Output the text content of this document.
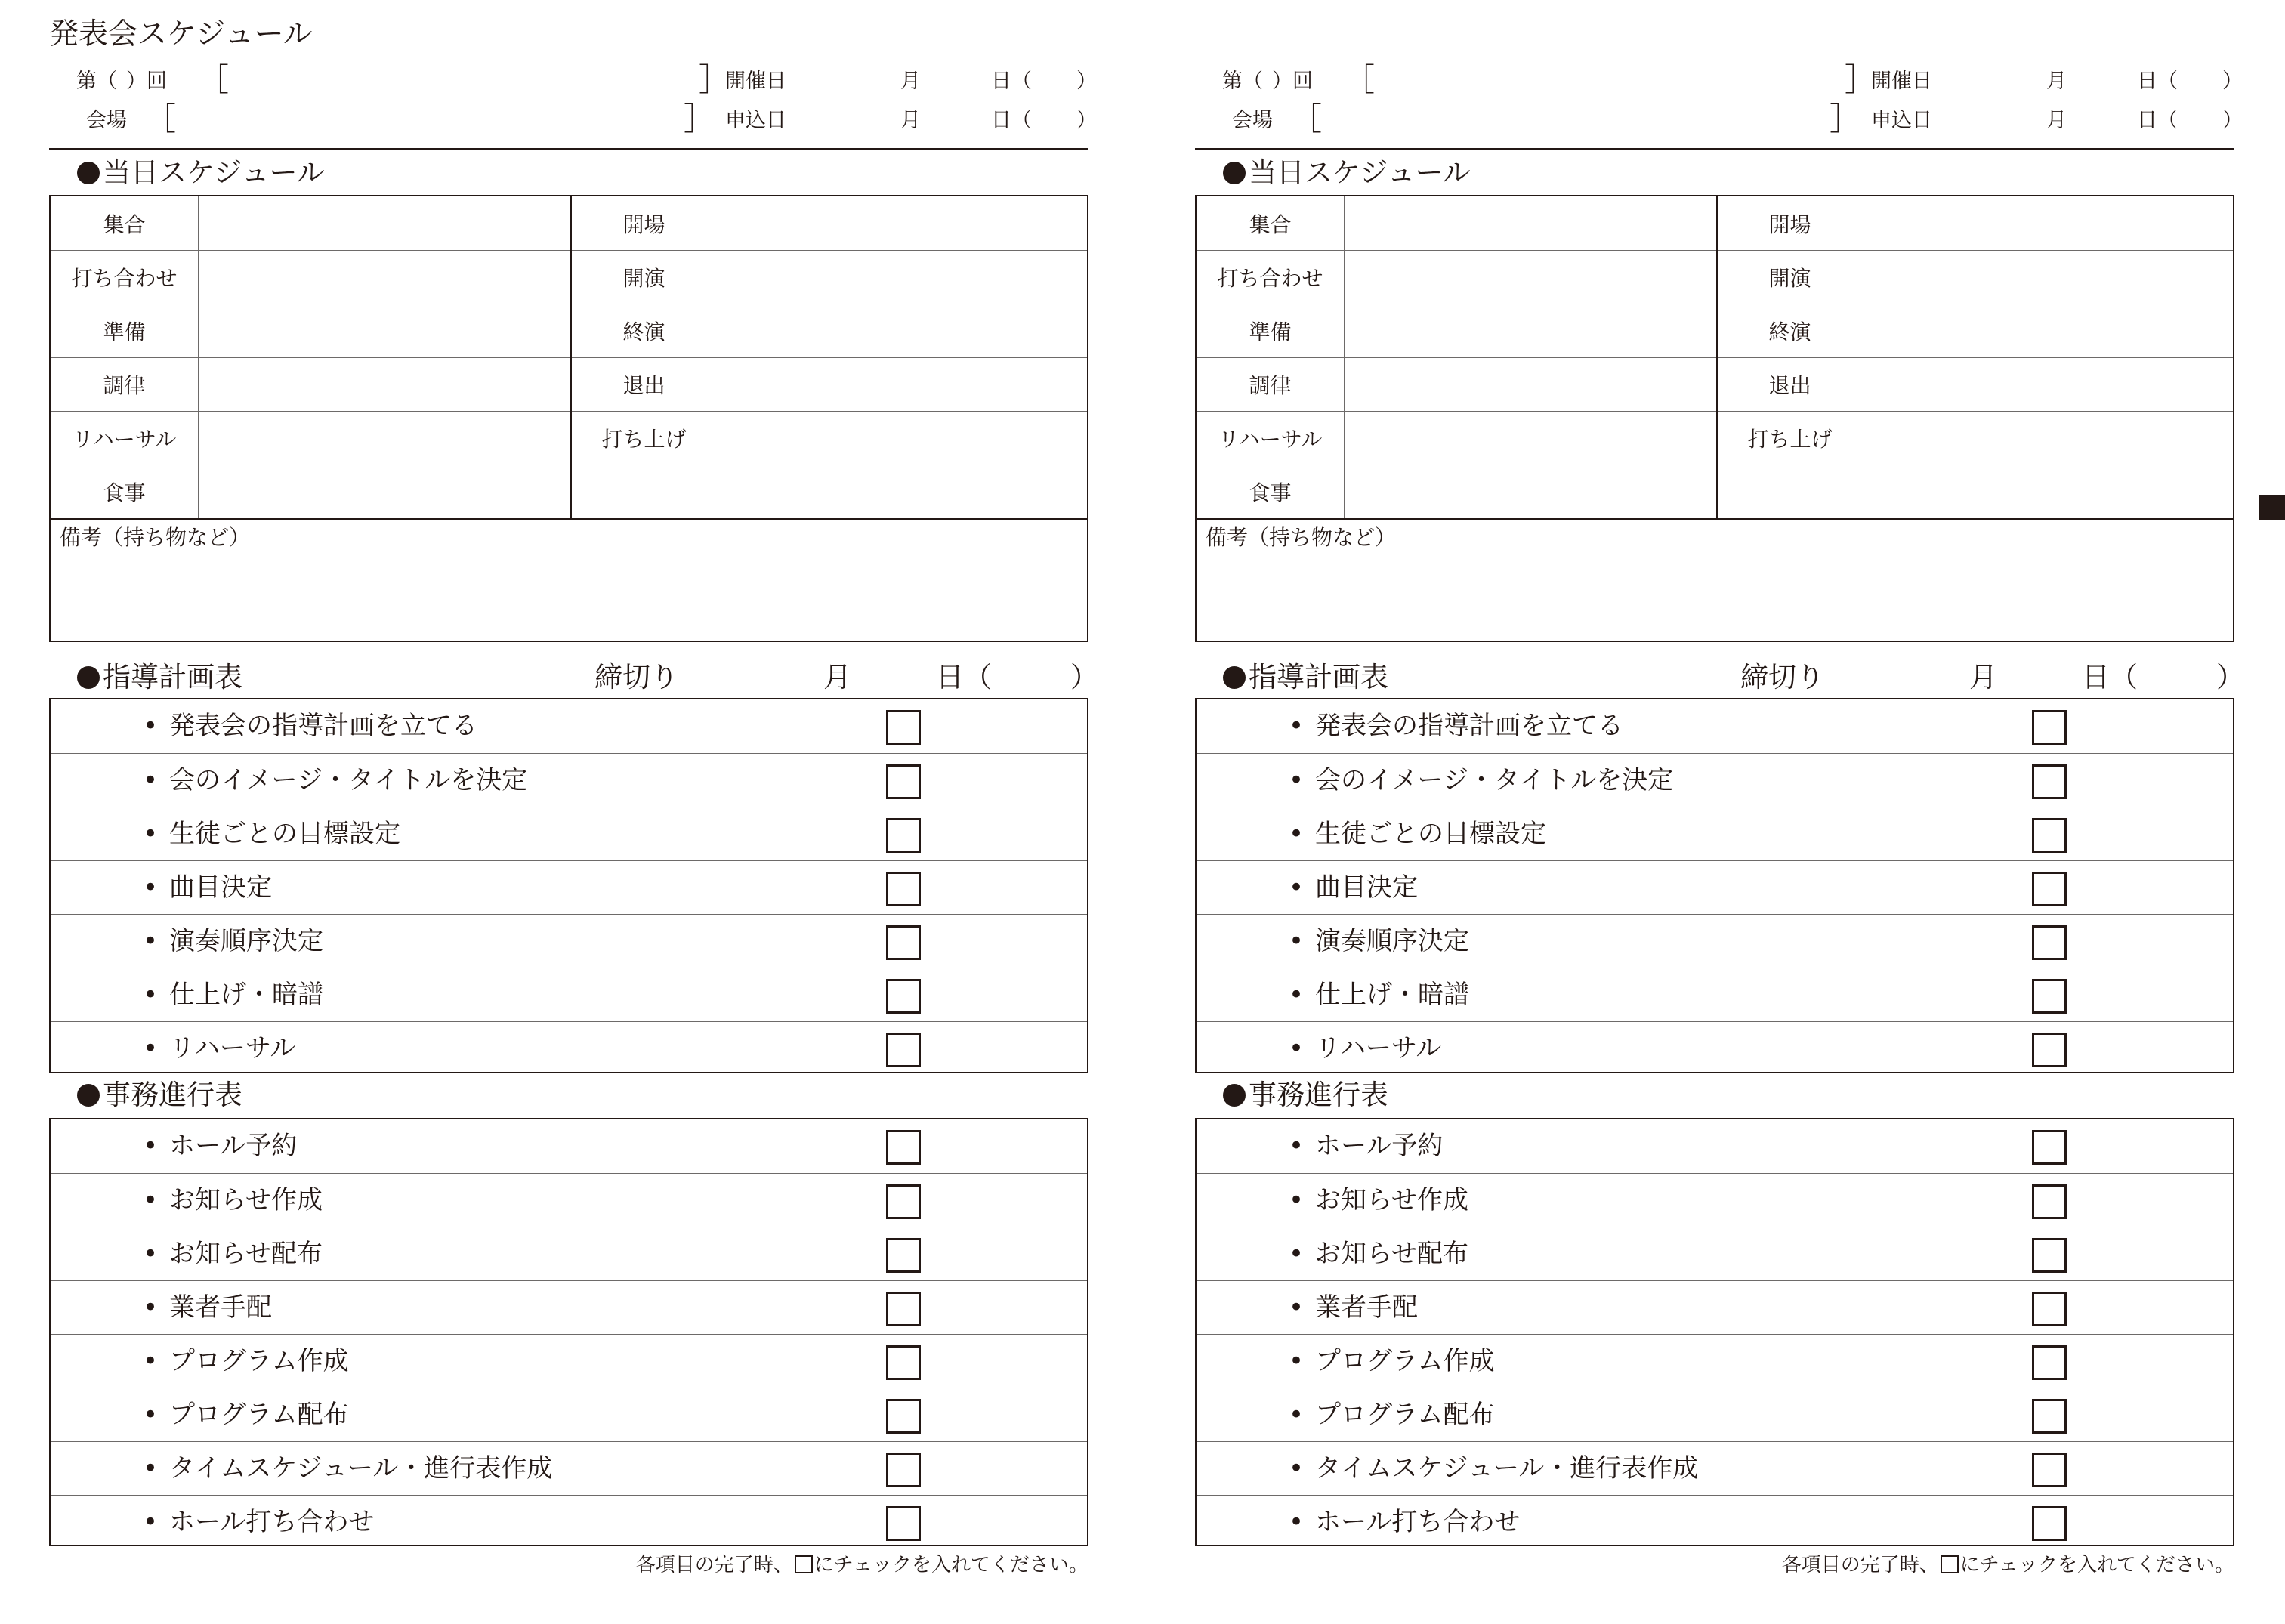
発表会スケジュール
第（ ）回 ［	］
開催日	月	日（ ）
会場 ［	］ 申込日	月	日（ ）
当日スケジュール
集合	開場
打ち合わせ	開演
準備	終演
調律	退出
リハーサル	打ち上げ
食事
備考（持ち物など）
指導計画表	締切り	月	日（	）
• 発表会の指導計画を立てる
• 会のイメージ・タイトルを決定
• 生徒ごとの目標設定
• 曲目決定
• 演奏順序決定
• 仕上げ・暗譜
• リハーサル
事務進行表
• ホール予約
• お知らせ作成
• お知らせ配布
• 業者手配
• プログラム作成
• プログラム配布
• タイムスケジュール・進行表作成
• ホール打ち合わせ
各項目の完了時、 にチェックを入れてください。
第（ ）回 ［	］
開催日	月	日（ ）
会場 ［	］ 申込日	月	日（ ）
当日スケジュール
集合	開場
打ち合わせ	開演
準備	終演
調律	退出
リハーサル	打ち上げ
食事
備考（持ち物など）
指導計画表	締切り	月	日（	）
• 発表会の指導計画を立てる
• 会のイメージ・タイトルを決定
• 生徒ごとの目標設定
• 曲目決定
• 演奏順序決定
• 仕上げ・暗譜
• リハーサル
事務進行表
• ホール予約
• お知らせ作成
• お知らせ配布
• 業者手配
• プログラム作成
• プログラム配布
• タイムスケジュール・進行表作成
• ホール打ち合わせ
各項目の完了時、 にチェックを入れてください。
